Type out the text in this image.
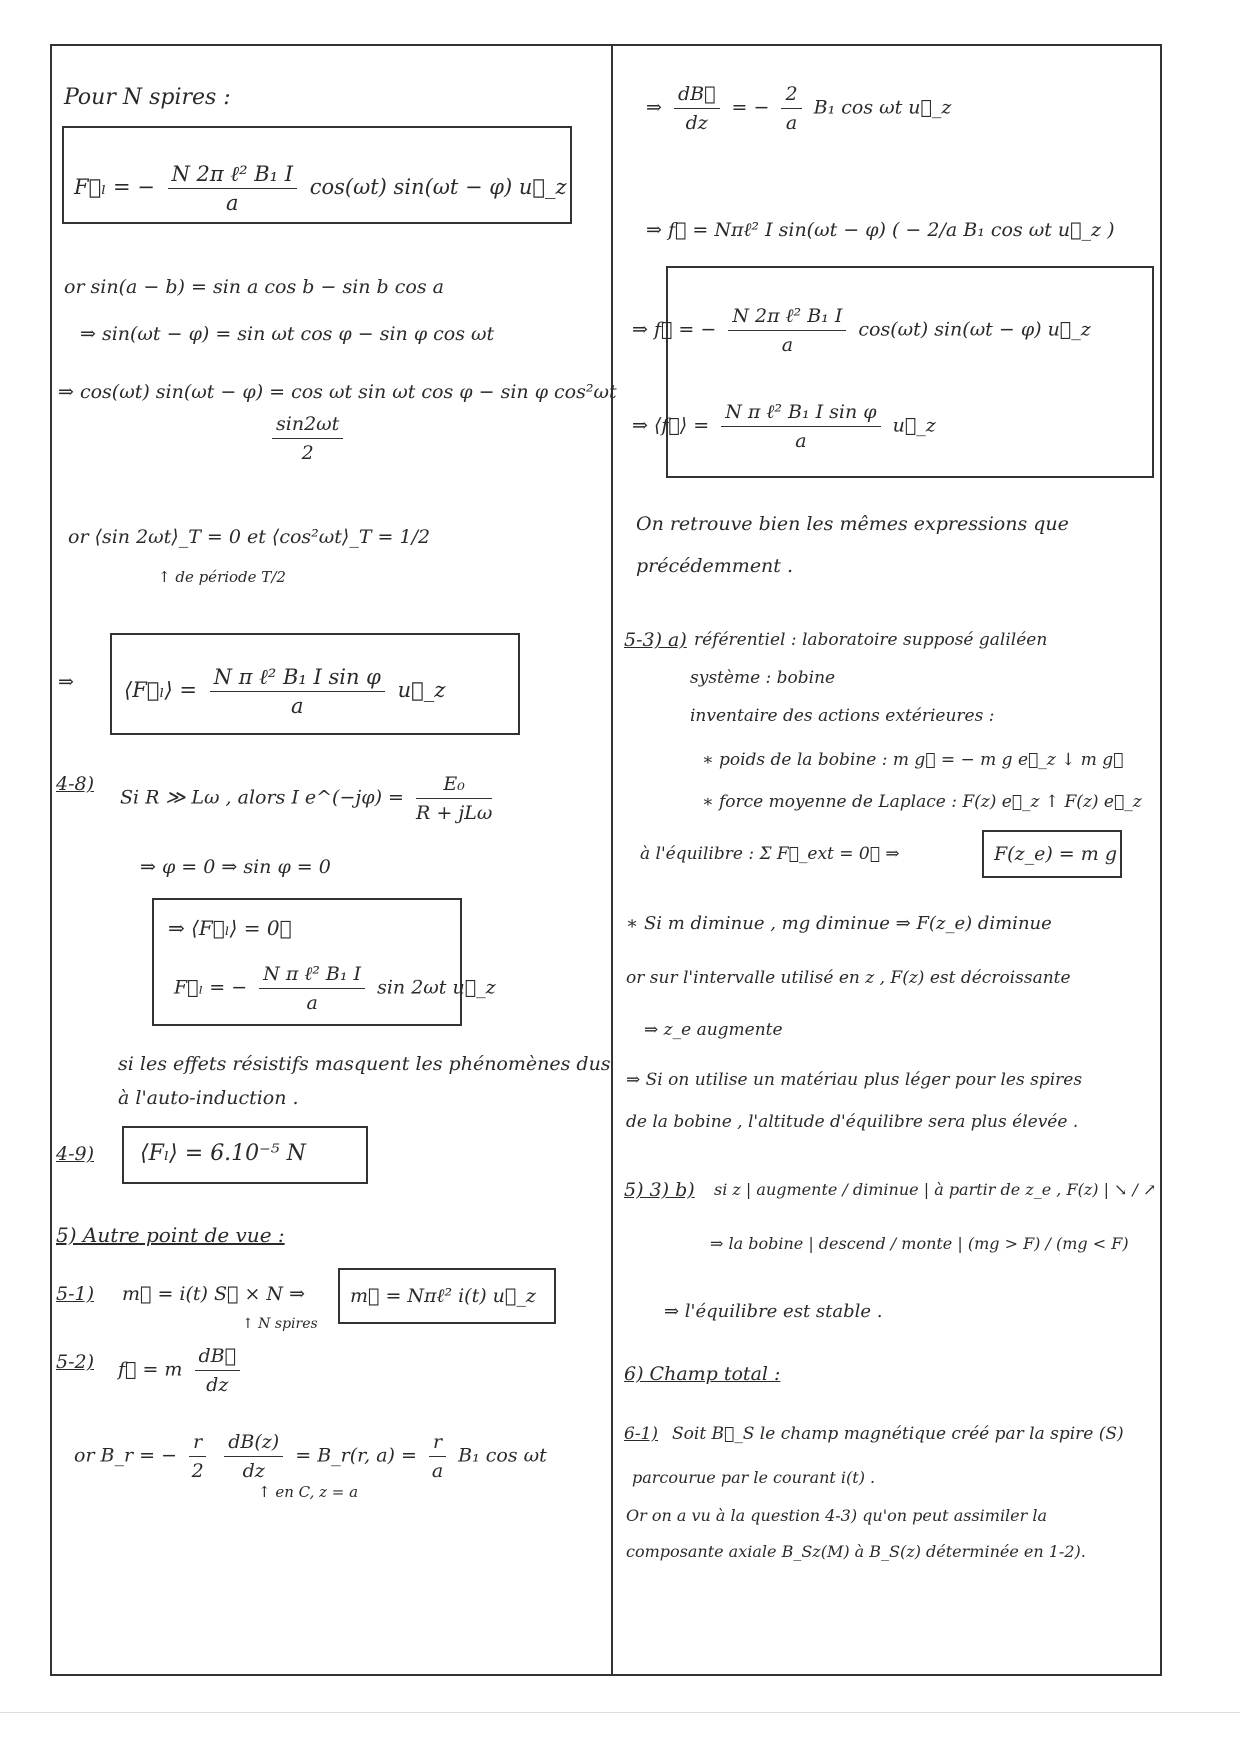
Pour N spires :
F⃗ₗ = − $\frac{\text{N 2π ℓ² B₁ I}}{a} \cos(\omega t) \sin(\omega t - \varphi)$ u⃗_z
or sin(a − b) = sin a cos b − sin b cos a
⇒ sin(ωt − φ) = sin ωt cos φ − sin φ cos ωt
⇒ cos(ωt) sin(ωt − φ) = cos ωt sin ωt cos φ − sin φ cos²ωt
$\frac{\sin 2\omega t}{2}$
or ⟨sin 2ωt⟩_T = 0 et ⟨cos²ωt⟩_T = 1/2
↑ de période T/2
⟨F⃗ₗ⟩ = $\frac{\text{N π ℓ² B₁ I sin φ}}{a}$ u⃗_z
⇒
4-8)
Si R ≫ Lω , alors I e^(−jφ) = $\frac{\text{E₀}}{\text{R + jLω}}$
⇒ φ = 0 ⇒ sin φ = 0
⇒ ⟨F⃗ₗ⟩ = 0⃗
F⃗ₗ = − $\frac{\text{N π ℓ² B₁ I}}{a}$ sin 2ωt u⃗_z
si les effets résistifs masquent les phénomènes dus
à l'auto-induction .
4-9) ⟨Fₗ⟩ = 6.10⁻⁵ N
5) Autre point de vue :
5-1) m⃗ = i(t) S⃗ × N ⇒
↑ N spires
m⃗ = Nπℓ² i(t) u⃗_z
5-2) f⃗ = m $\frac{dB⃗}{dz}$
or B_r = − $\frac{r}{2}$
$\frac{dB(z)}{dz}$ = B_r(r, $a) = \frac{r}{a} B_1$ cos ωt
↑ en C, z = a
⇒ $\frac{dB⃗}{dz}$ = − $\frac{2}{a} B_1$ cos ωt u⃗_z
⇒ f⃗ = Nπℓ² I sin(ωt − φ) ( − 2/a B₁ cos ωt u⃗_z )
⇒ f⃗ = − $\frac{\text{N 2π ℓ² B₁ I}}{a} \cos(\omega t) \sin(\omega t - \varphi)$ u⃗_z
⇒ ⟨f⃗⟩ = $\frac{\text{N π ℓ² B₁ I sin φ}}{a}$ u⃗_z
On retrouve bien les mêmes expressions que
précédemment .
5-3) a) référentiel : laboratoire supposé galiléen
système : bobine
inventaire des actions extérieures :
∗ poids de la bobine : m g⃗ = − m g e⃗_z ↓ m g⃗
∗ force moyenne de Laplace : F(z) e⃗_z ↑ F(z) e⃗_z
à l'équilibre : Σ F⃗_ext = 0⃗ ⇒	F(z_e) = m g
∗ Si m diminue , mg diminue ⇒ F(z_e) diminue
or sur l'intervalle utilisé en z , F(z) est décroissante
⇒ z_e augmente
⇒ Si on utilise un matériau plus léger pour les spires
de la bobine , l'altitude d'équilibre sera plus élevée .
5) 3) b) si z | augmente / diminue | à partir de z_e , F(z) | ↘ / ↗
⇒ la bobine | descend / monte | (mg > F) / (mg < F)
⇒ l'équilibre est stable .
6) Champ total :
6-1) Soit B⃗_S le champ magnétique créé par la spire (S)
parcourue par le courant i(t) .
Or on a vu à la question 4-3) qu'on peut assimiler la
composante axiale B_Sz(M) à B_S(z) déterminée en 1-2).
